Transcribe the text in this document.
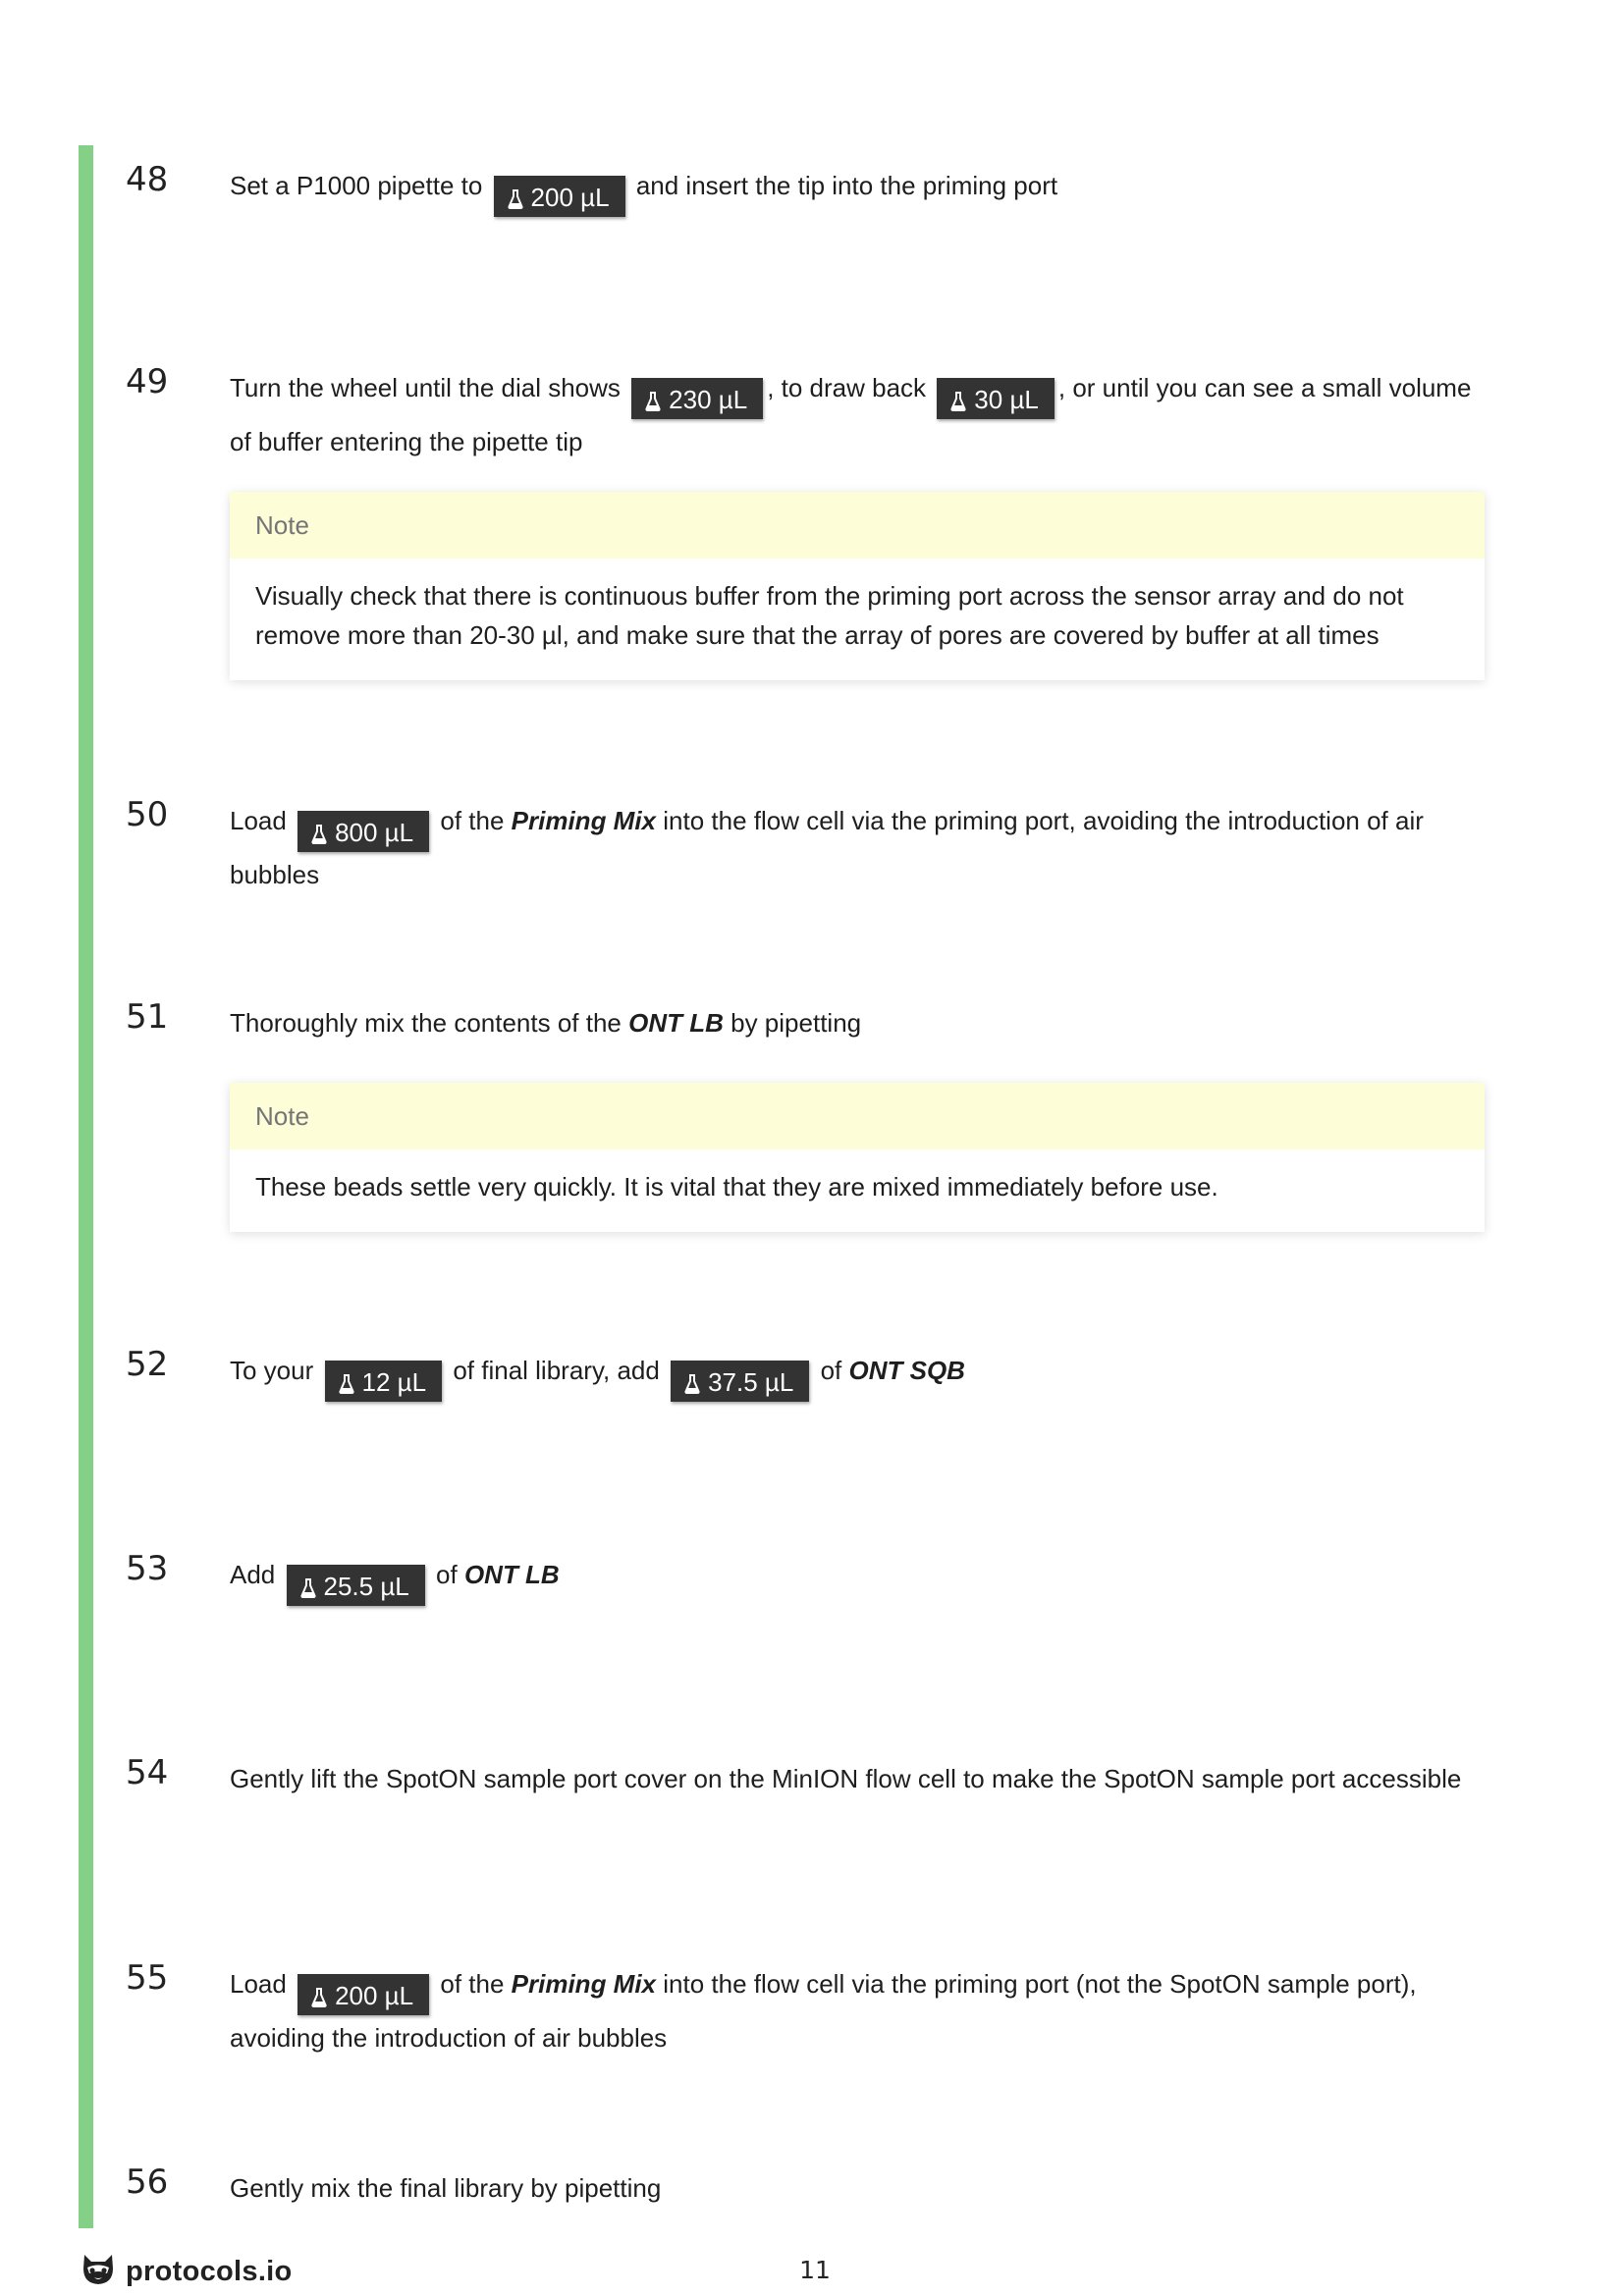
48 Set a P1000 pipette to 200 µL and insert the tip into the priming port
49 Turn the wheel until the dial shows 230 µL , to draw back 30 µL , or until you can see a small volume of buffer entering the pipette tip
Note
Visually check that there is continuous buffer from the priming port across the sensor array and do not remove more than 20-30 µl, and make sure that the array of pores are covered by buffer at all times
50 Load 800 µL of the Priming Mix into the flow cell via the priming port, avoiding the introduction of air bubbles
51 Thoroughly mix the contents of the ONT LB by pipetting
Note
These beads settle very quickly. It is vital that they are mixed immediately before use.
52 To your 12 µL of final library, add 37.5 µL of ONT SQB
53 Add 25.5 µL of ONT LB
54 Gently lift the SpotON sample port cover on the MinION flow cell to make the SpotON sample port accessible
55 Load 200 µL of the Priming Mix into the flow cell via the priming port (not the SpotON sample port), avoiding the introduction of air bubbles
56 Gently mix the final library by pipetting
protocols.io	11
